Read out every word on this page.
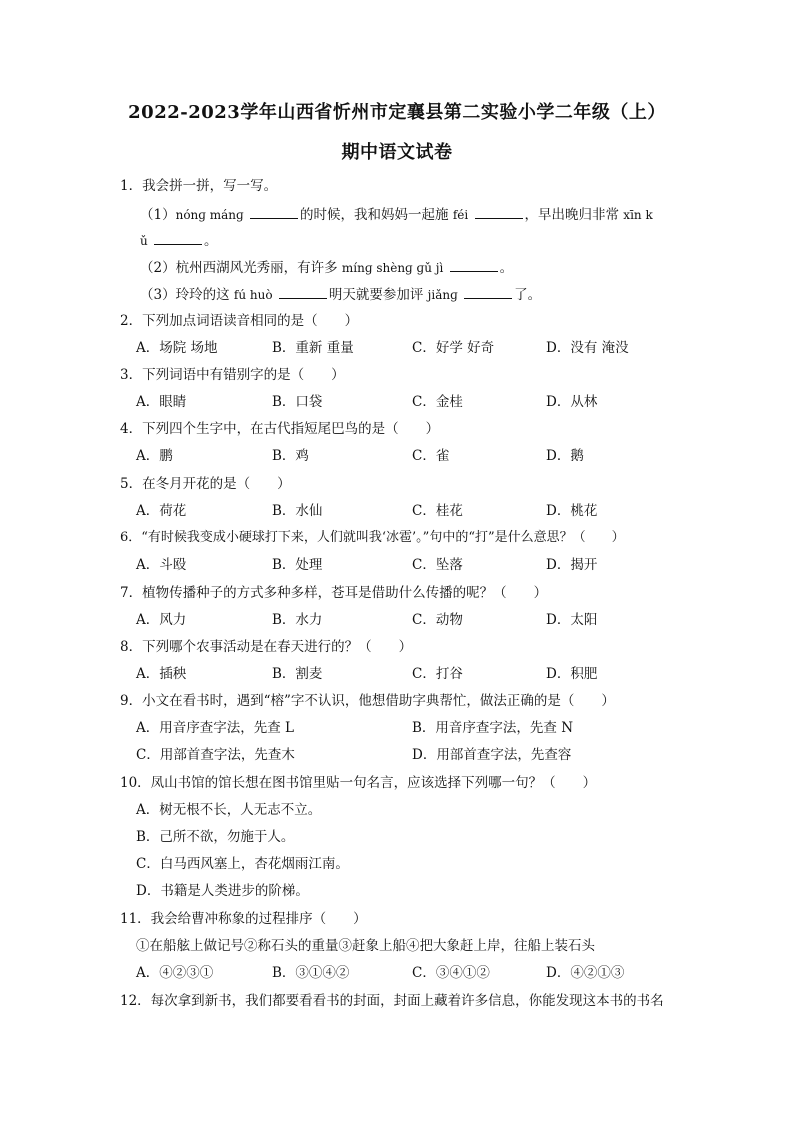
2022-2023学年山西省忻州市定襄县第二实验小学二年级（上）
期中语文试卷
1．我会拼一拼，写一写。
（1）nónɡ mánɡ	的时候，我和妈妈一起施 féi	，早出晚归非常 xīn k
ǔ	。
（2）杭州西湖风光秀丽，有许多 mínɡ shènɡ ɡǔ jì	。
（3）玲玲的这 fú huò	明天就要参加评 jiǎnɡ	了。
2．下列加点词语读音相同的是（　　）
A．场院 场地	B．重新 重量	C．好学 好奇	D．没有 淹没
3．下列词语中有错别字的是（　　）
A．眼睛	B．口袋	C．金桂	D．从林
4．下列四个生字中，在古代指短尾巴鸟的是（　　）
A．鹏	B．鸡	C．雀	D．鹅
5．在冬月开花的是（　　）
A．荷花	B．水仙	C．桂花	D．桃花
6．“有时候我变成小硬球打下来，人们就叫我‘冰雹’。”句中的“打”是什么意思？（　　）
A．斗殴	B．处理	C．坠落	D．揭开
7．植物传播种子的方式多种多样，苍耳是借助什么传播的呢？（　　）
A．风力	B．水力	C．动物	D．太阳
8．下列哪个农事活动是在春天进行的？（　　）
A．插秧	B．割麦	C．打谷	D．积肥
9．小文在看书时，遇到“榕”字不认识，他想借助字典帮忙，做法正确的是（　　）
A．用音序查字法，先查 L	B．用音序查字法，先查 N
C．用部首查字法，先查木	D．用部首查字法，先查容
10．凤山书馆的馆长想在图书馆里贴一句名言，应该选择下列哪一句？（　　）
A．树无根不长，人无志不立。
B．己所不欲，勿施于人。
C．白马西风塞上，杏花烟雨江南。
D．书籍是人类进步的阶梯。
11．我会给曹冲称象的过程排序（　　）
①在船舷上做记号②称石头的重量③赶象上船④把大象赶上岸，往船上装石头
A．④②③①	B．③①④②	C．③④①②	D．④②①③
12．每次拿到新书，我们都要看看书的封面，封面上藏着许多信息，你能发现这本书的书名
